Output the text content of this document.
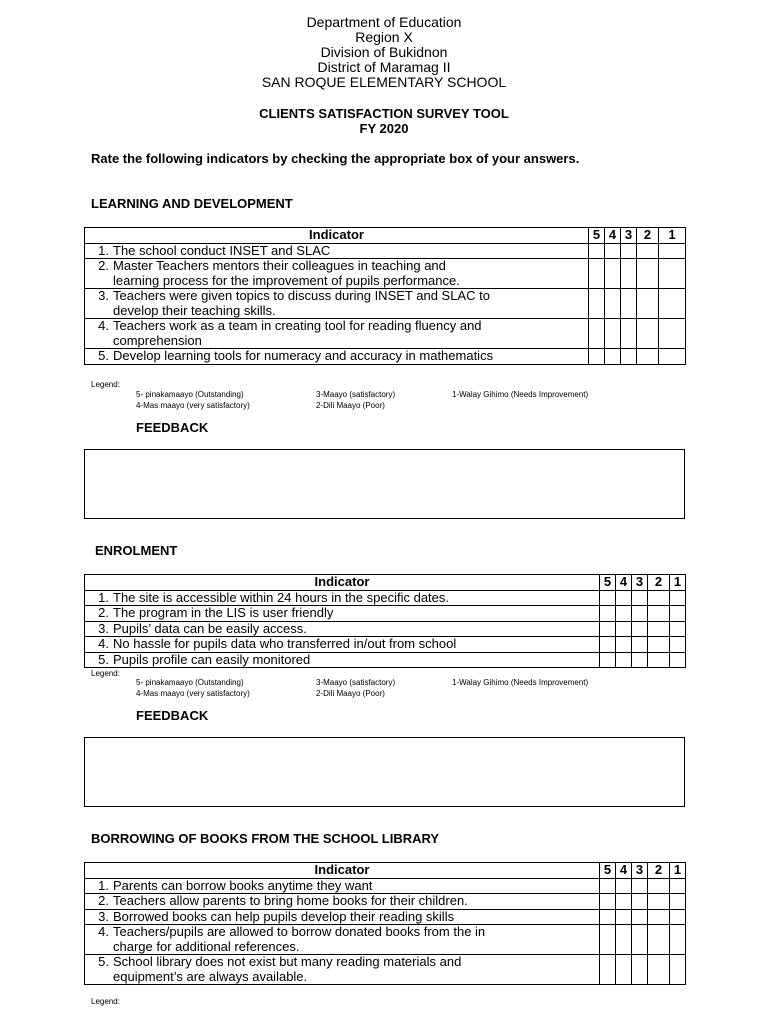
Department of Education
Region X
Division of Bukidnon
District of Maramag II
SAN ROQUE ELEMENTARY SCHOOL
CLIENTS SATISFACTION SURVEY TOOL
FY 2020
Rate the following indicators by checking the appropriate box of your answers.
LEARNING AND DEVELOPMENT
Indicator	5	4	3	2	1
1. The school conduct INSET and SLAC					
2. Master Teachers mentors their colleagues in teaching and
learning process for the improvement of pupils performance.					
3. Teachers were given topics to discuss during INSET and SLAC to
develop their teaching skills.					
4. Teachers work as a team in creating tool for reading fluency and
comprehension					
5. Develop learning tools for numeracy and accuracy in mathematics					
Legend:
5- pinakamaayo (Outstanding)	3-Maayo (satisfactory)	1-Walay Gihimo (Needs Improvement)
4-Mas maayo (very satisfactory)	2-Dili Maayo (Poor)
FEEDBACK
ENROLMENT
Indicator	5	4	3	2	1
1. The site is accessible within 24 hours in the specific dates.					
2. The program in the LIS is user friendly					
3. Pupils’ data can be easily access.					
4. No hassle for pupils data who transferred in/out from school					
5. Pupils profile can easily monitored					
Legend:
5- pinakamaayo (Outstanding)	3-Maayo (satisfactory)	1-Walay Gihimo (Needs Improvement)
4-Mas maayo (very satisfactory)	2-Dili Maayo (Poor)
FEEDBACK
BORROWING OF BOOKS FROM THE SCHOOL LIBRARY
Indicator	5	4	3	2	1
1. Parents can borrow books anytime they want					
2. Teachers allow parents to bring home books for their children.					
3. Borrowed books can help pupils develop their reading skills					
4. Teachers/pupils are allowed to borrow donated books from the in
charge for additional references.					
5. School library does not exist but many reading materials and
equipment’s are always available.					
Legend:
